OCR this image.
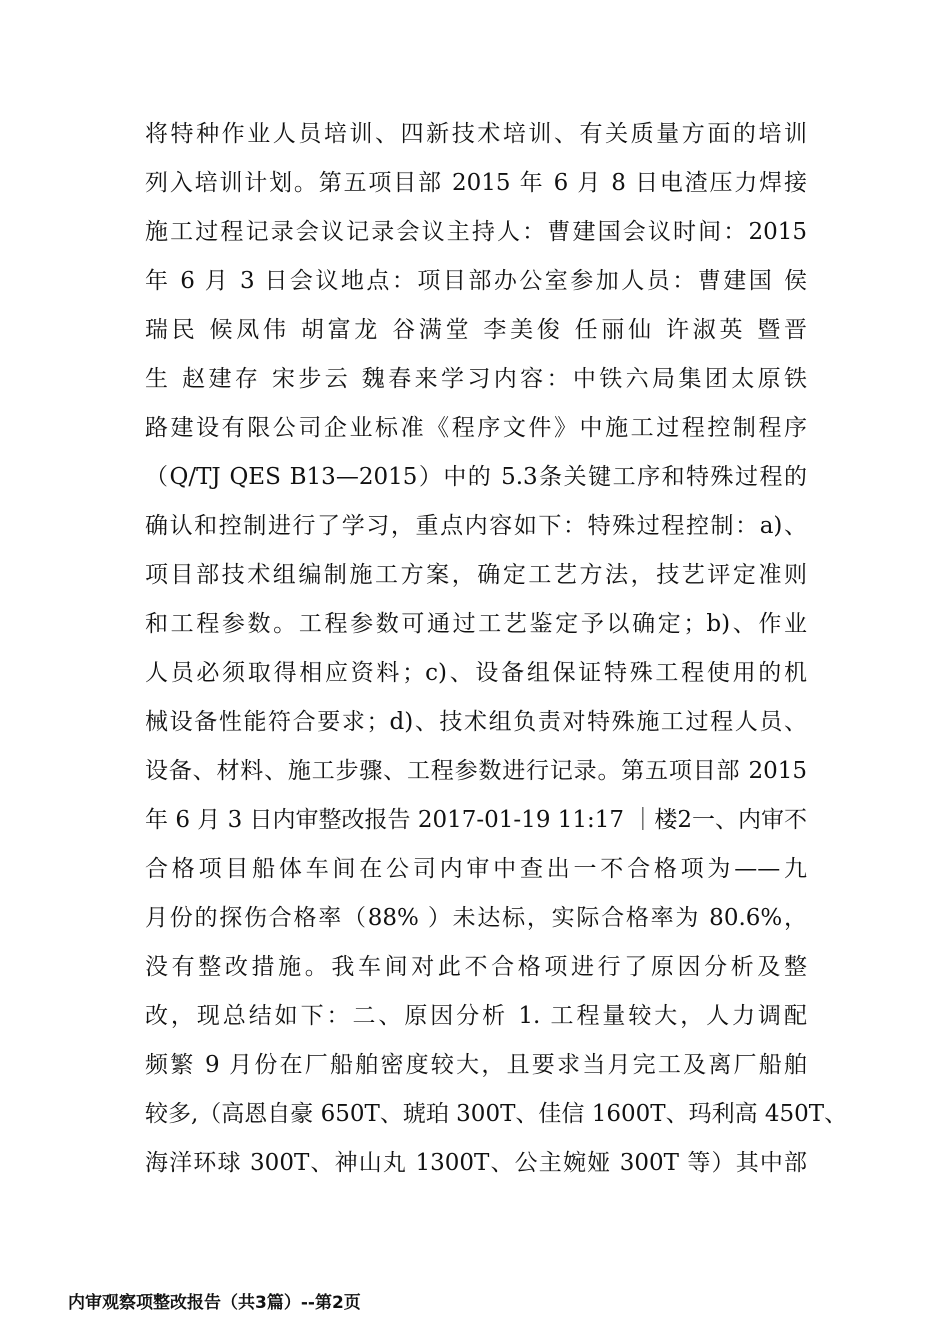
将特种作业人员培训、四新技术培训、有关质量方面的培训
列入培训计划。第五项目部 2015 年 6 月 8 日电渣压力焊接
施工过程记录会议记录会议主持人：曹建国会议时间：2015
年 6 月 3 日会议地点：项目部办公室参加人员：曹建国 侯
瑞民 候凤伟 胡富龙 谷满堂 李美俊 任丽仙 许淑英 暨晋
生 赵建存 宋步云 魏春来学习内容：中铁六局集团太原铁
路建设有限公司企业标准《程序文件》中施工过程控制程序
（Q/TJ QES B13—2015）中的 5.3条关键工序和特殊过程的
确认和控制进行了学习，重点内容如下：特殊过程控制：a)、
项目部技术组编制施工方案，确定工艺方法，技艺评定准则
和工程参数。工程参数可通过工艺鉴定予以确定；b)、作业
人员必须取得相应资料；c)、设备组保证特殊工程使用的机
械设备性能符合要求；d)、技术组负责对特殊施工过程人员、
设备、材料、施工步骤、工程参数进行记录。第五项目部 2015
年 6 月 3 日内审整改报告 2017-01-19 11:17 ｜楼2一、内审不
合格项目船体车间在公司内审中查出一不合格项为——九
月份的探伤合格率（88% ）未达标，实际合格率为 80.6%，
没有整改措施。我车间对此不合格项进行了原因分析及整
改，现总结如下：二、原因分析 1. 工程量较大，人力调配
频繁 9 月份在厂船舶密度较大，且要求当月完工及离厂船舶
较多,（高恩自豪 650T、琥珀 300T、佳信 1600T、玛利高 450T、
海洋环球 300T、神山丸 1300T、公主婉娅 300T 等）其中部
内审观察项整改报告（共3篇）--第2页
